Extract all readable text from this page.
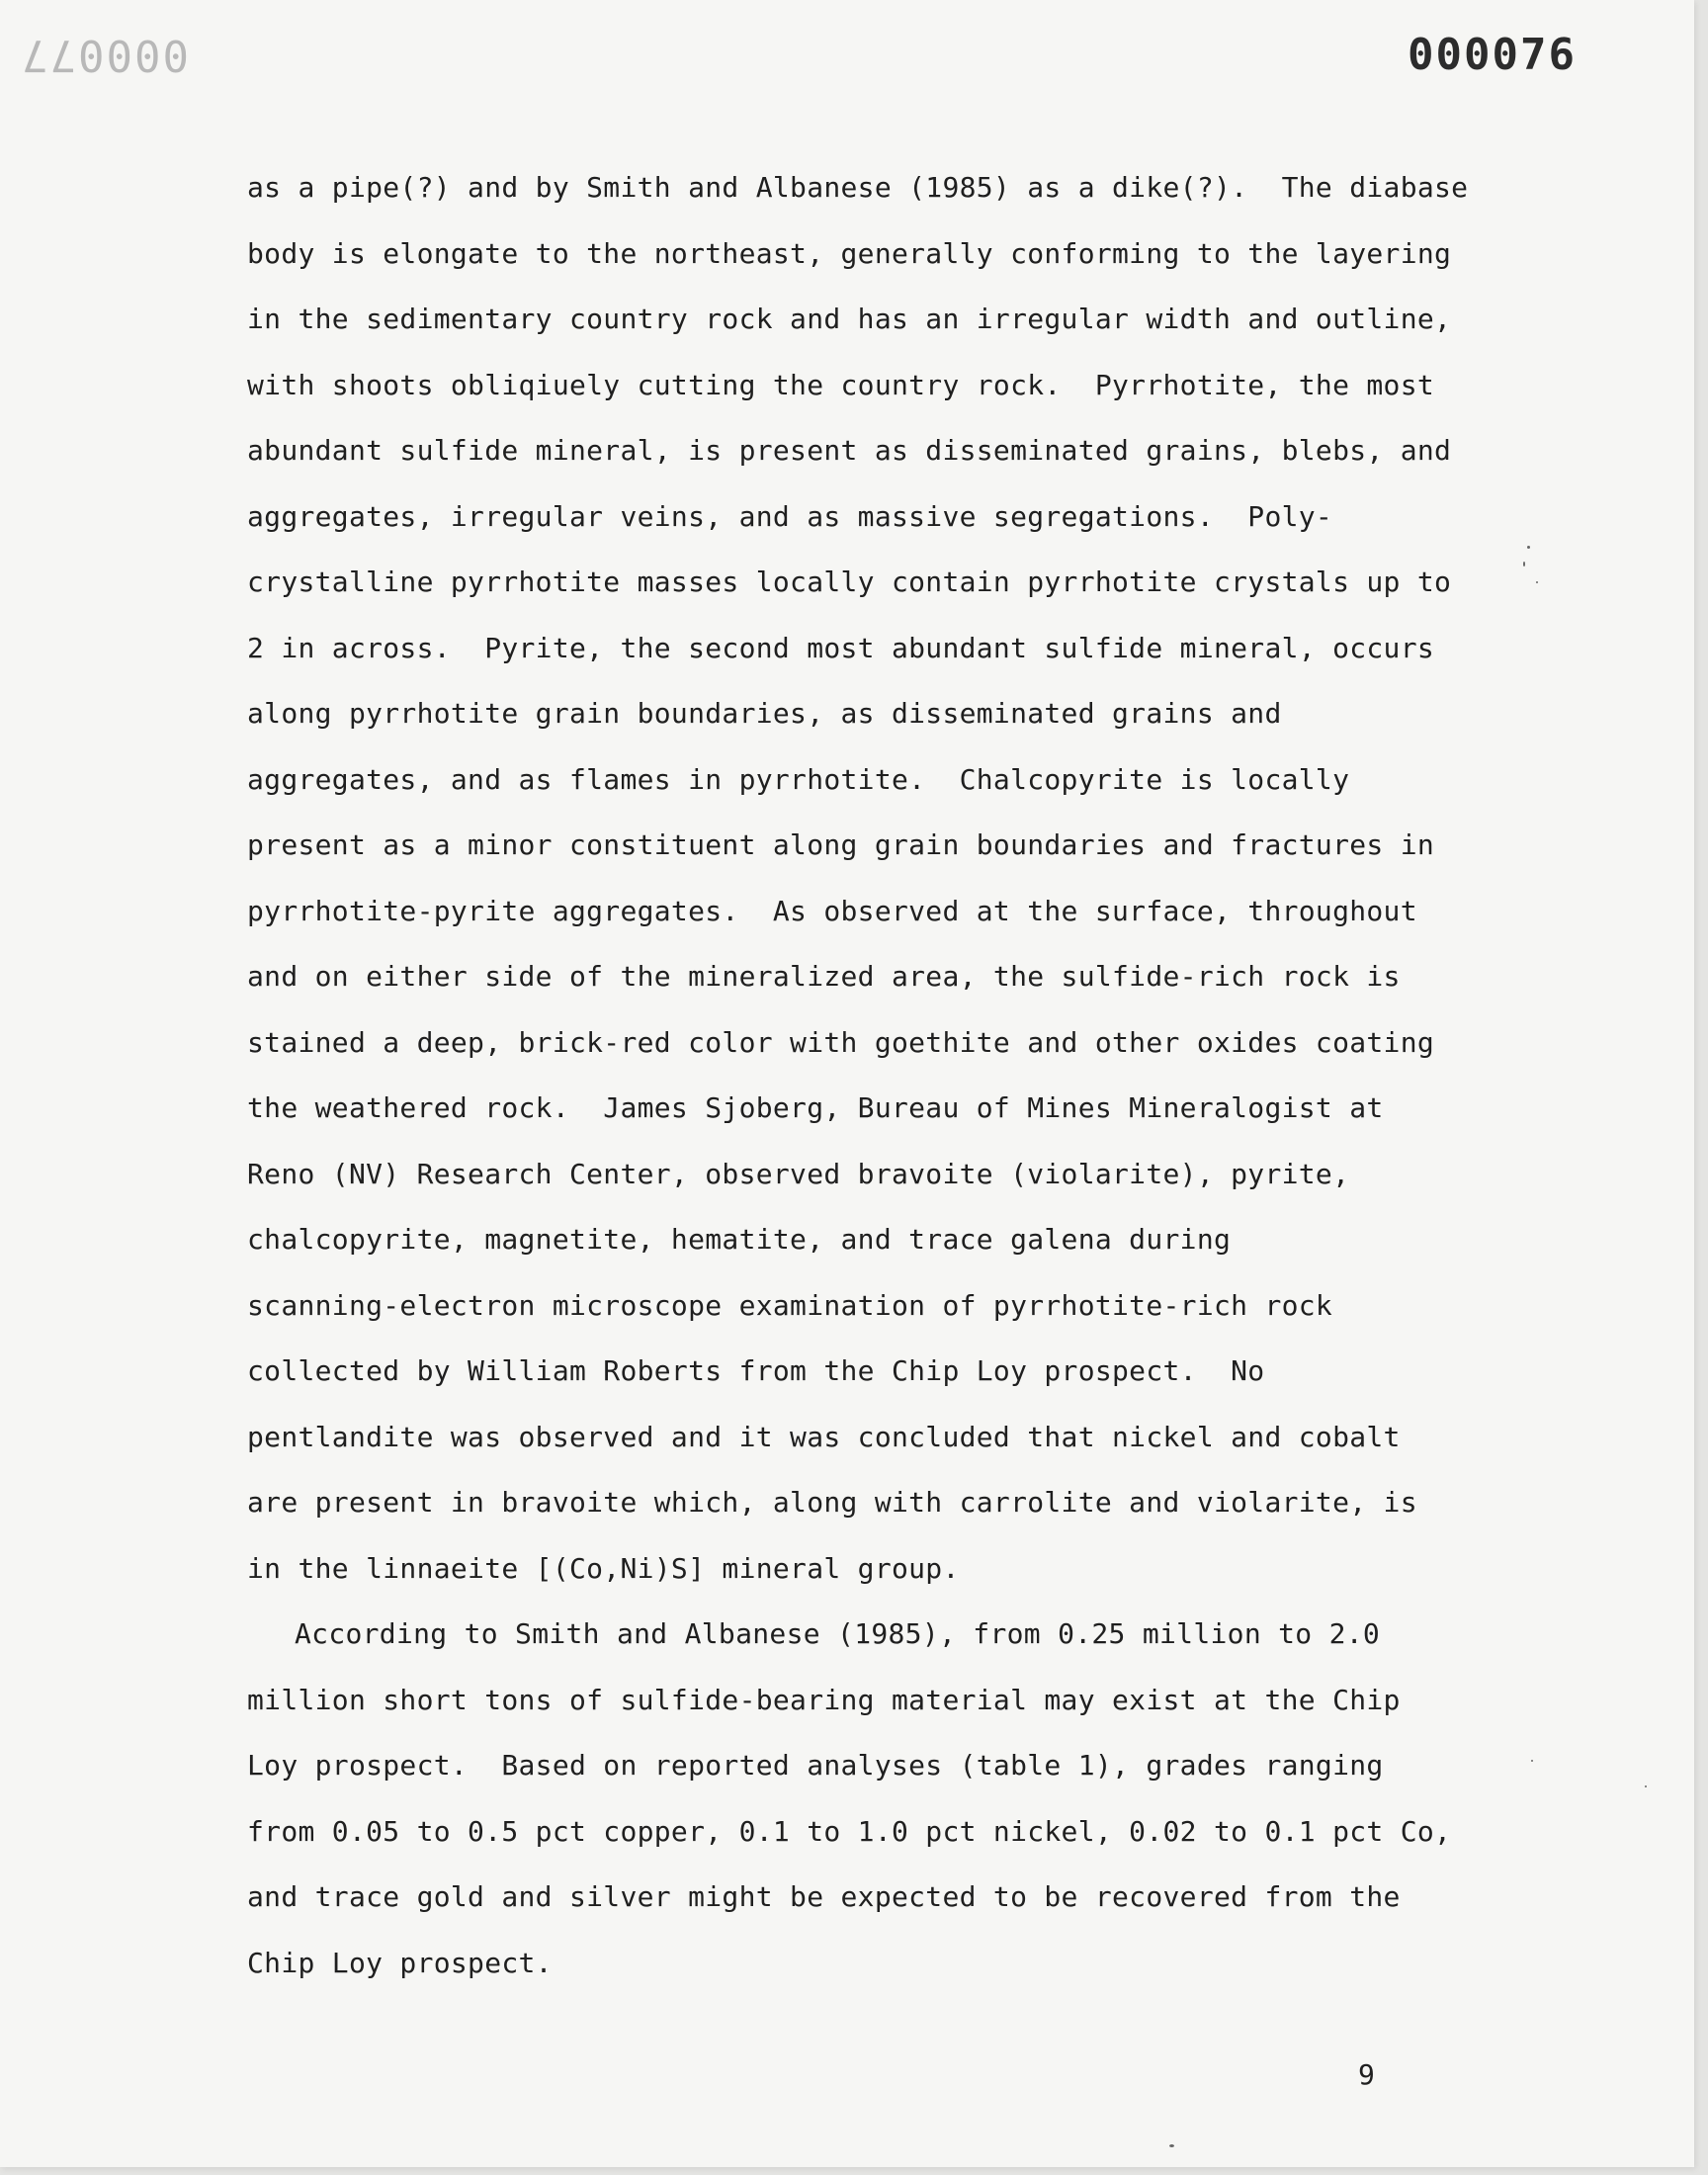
000077	000076
as a pipe(?) and by Smith and Albanese (1985) as a dike(?).  The diabase
body is elongate to the northeast, generally conforming to the layering
in the sedimentary country rock and has an irregular width and outline,
with shoots obliqiuely cutting the country rock.  Pyrrhotite, the most
abundant sulfide mineral, is present as disseminated grains, blebs, and
aggregates, irregular veins, and as massive segregations.  Poly-
crystalline pyrrhotite masses locally contain pyrrhotite crystals up to
2 in across.  Pyrite, the second most abundant sulfide mineral, occurs
along pyrrhotite grain boundaries, as disseminated grains and
aggregates, and as flames in pyrrhotite.  Chalcopyrite is locally
present as a minor constituent along grain boundaries and fractures in
pyrrhotite-pyrite aggregates.  As observed at the surface, throughout
and on either side of the mineralized area, the sulfide-rich rock is
stained a deep, brick-red color with goethite and other oxides coating
the weathered rock.  James Sjoberg, Bureau of Mines Mineralogist at
Reno (NV) Research Center, observed bravoite (violarite), pyrite,
chalcopyrite, magnetite, hematite, and trace galena during
scanning-electron microscope examination of pyrrhotite-rich rock
collected by William Roberts from the Chip Loy prospect.  No
pentlandite was observed and it was concluded that nickel and cobalt
are present in bravoite which, along with carrolite and violarite, is
in the linnaeite [(Co,Ni)S] mineral group.
According to Smith and Albanese (1985), from 0.25 million to 2.0
million short tons of sulfide-bearing material may exist at the Chip
Loy prospect.  Based on reported analyses (table 1), grades ranging
from 0.05 to 0.5 pct copper, 0.1 to 1.0 pct nickel, 0.02 to 0.1 pct Co,
and trace gold and silver might be expected to be recovered from the
Chip Loy prospect.
9
